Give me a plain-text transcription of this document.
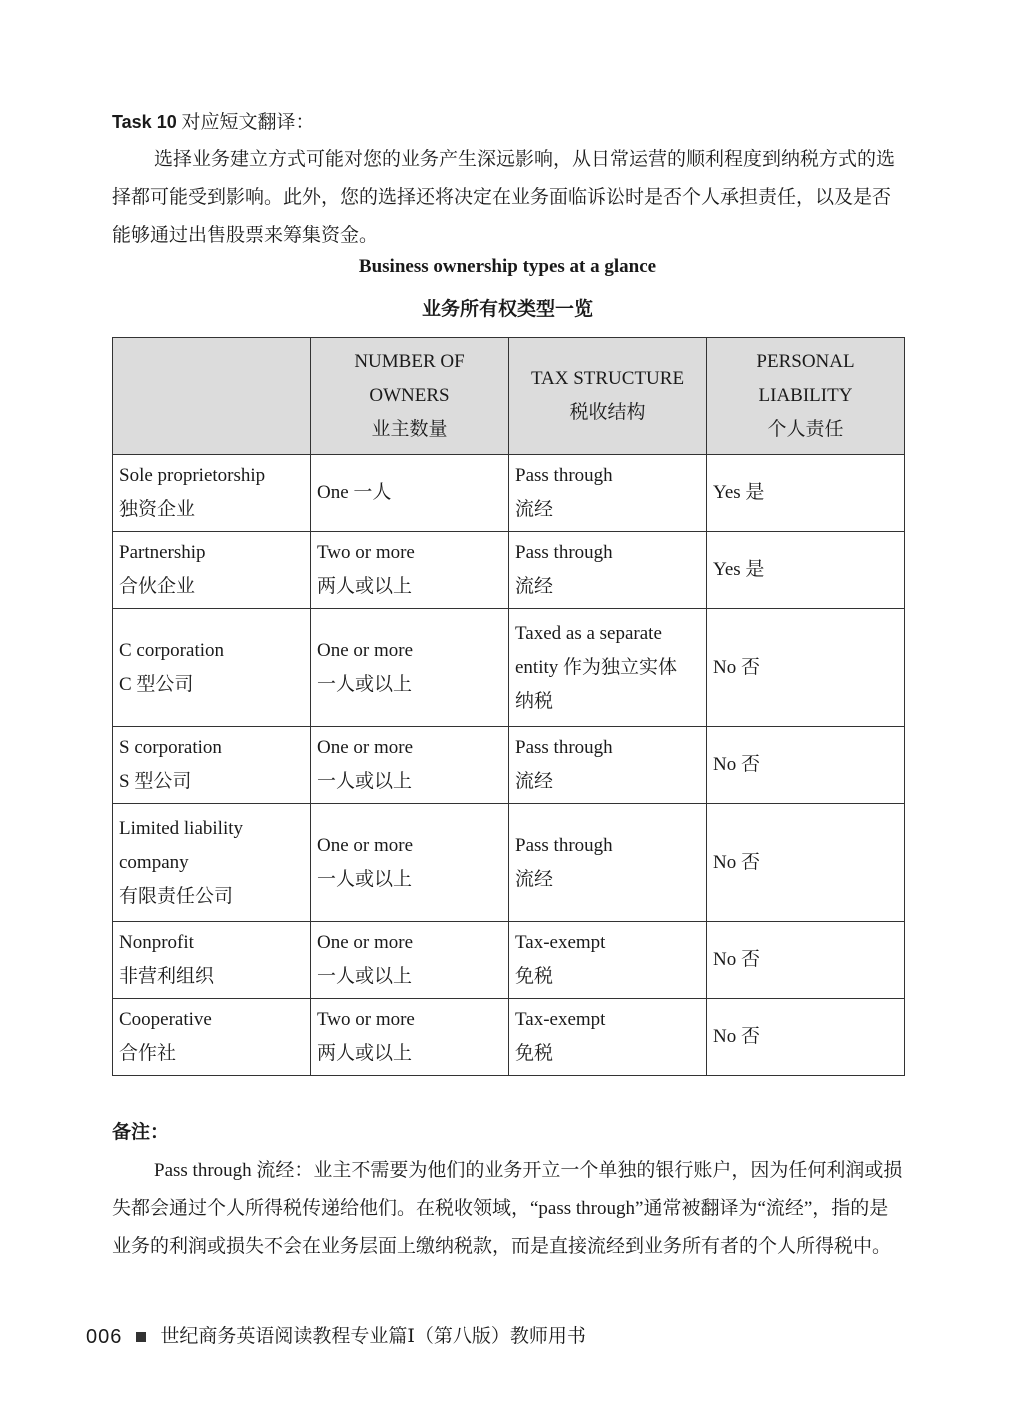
Task 10 对应短文翻译：

选择业务建立方式可能对您的业务产生深远影响，从日常运营的顺利程度到纳税方式的选择都可能受到影响。此外，您的选择还将决定在业务面临诉讼时是否个人承担责任，以及是否能够通过出售股票来筹集资金。

Business ownership types at a glance
业务所有权类型一览

	NUMBER OF
OWNERS
业主数量	TAX STRUCTURE
税收结构	PERSONAL
LIABILITY
个人责任

Sole proprietorship
独资企业	One 一人	Pass through
流经	Yes 是

Partnership
合伙企业	Two or more
两人或以上	Pass through
流经	Yes 是

C corporation
C 型公司	One or more
一人或以上	Taxed as a separate
entity 作为独立实体
纳税	No 否

S corporation
S 型公司	One or more
一人或以上	Pass through
流经	No 否

Limited liability
company
有限责任公司	One or more
一人或以上	Pass through
流经	No 否

Nonprofit
非营利组织	One or more
一人或以上	Tax-exempt
免税	No 否

Cooperative
合作社	Two or more
两人或以上	Tax-exempt
免税	No 否

备注：

Pass through 流经：业主不需要为他们的业务开立一个单独的银行账户，因为任何利润或损失都会通过个人所得税传递给他们。在税收领域，“pass through”通常被翻译为“流经”，指的是业务的利润或损失不会在业务层面上缴纳税款，而是直接流经到业务所有者的个人所得税中。

006 世纪商务英语阅读教程专业篇Ⅰ（第八版）教师用书
